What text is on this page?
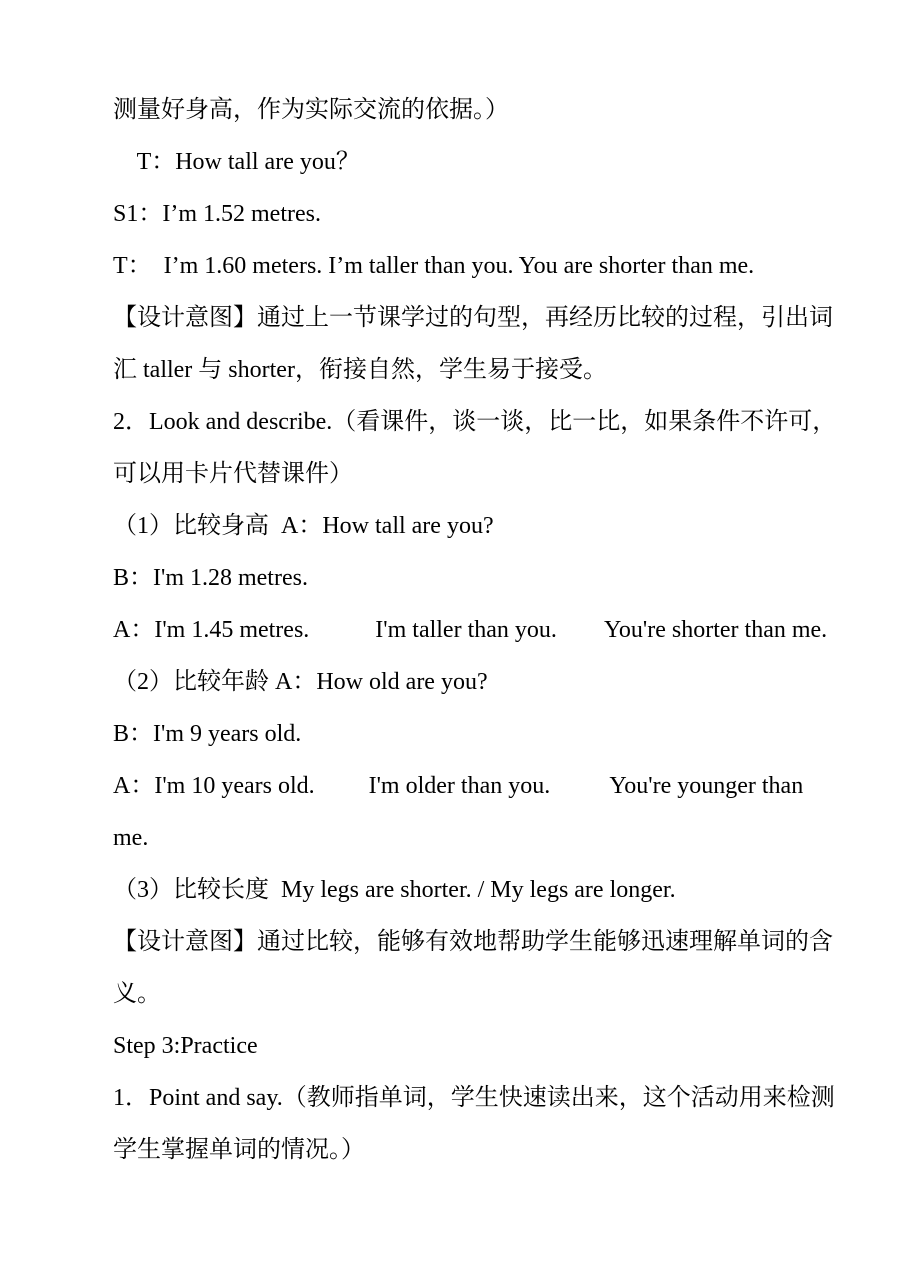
测量好身高，作为实际交流的依据。）
T：How tall are you？
S1：I’m 1.52 metres.
T：  I’m 1.60 meters. I’m taller than you. You are shorter than me.
【设计意图】通过上一节课学过的句型，再经历比较的过程，引出词
汇 taller 与 shorter，衔接自然，学生易于接受。
2．Look and describe.（看课件，谈一谈，比一比，如果条件不许可，
可以用卡片代替课件）
（1）比较身高  A：How tall are you?
B：I'm 1.28 metres.
A：I'm 1.45 metres.           I'm taller than you.        You're shorter than me.
（2）比较年龄 A：How old are you?
B：I'm 9 years old.
A：I'm 10 years old.         I'm older than you.          You're younger than
me.
（3）比较长度  My legs are shorter. / My legs are longer.
【设计意图】通过比较，能够有效地帮助学生能够迅速理解单词的含
义。
Step 3:Practice
1．Point and say.（教师指单词，学生快速读出来，这个活动用来检测
学生掌握单词的情况。）
